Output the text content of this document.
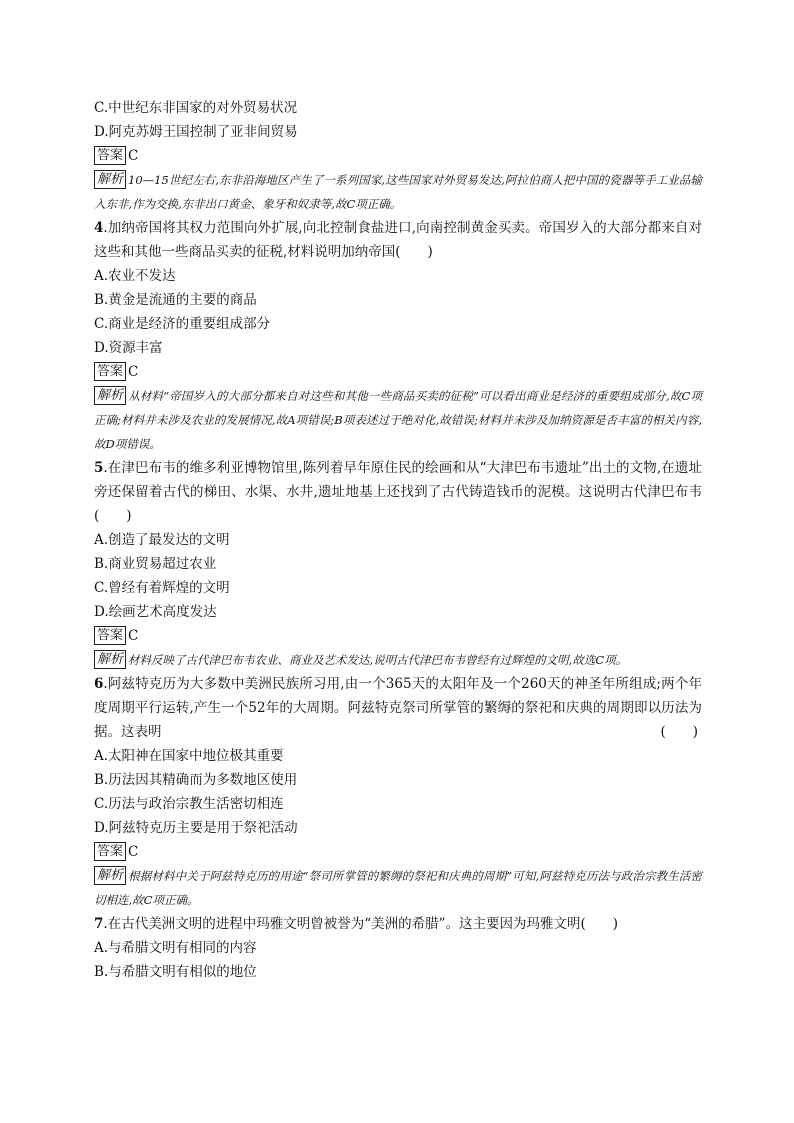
C.中世纪东非国家的对外贸易状况
D.阿克苏姆王国控制了亚非间贸易
答案 C
解析 10—15世纪左右,东非沿海地区产生了一系列国家,这些国家对外贸易发达,阿拉伯商人把中国的瓷器等手工业品输入东非,作为交换,东非出口黄金、象牙和奴隶等,故C项正确。
4.加纳帝国将其权力范围向外扩展,向北控制食盐进口,向南控制黄金买卖。帝国岁入的大部分都来自对这些和其他一些商品买卖的征税,材料说明加纳帝国(　　)
A.农业不发达
B.黄金是流通的主要的商品
C.商业是经济的重要组成部分
D.资源丰富
答案 C
解析 从材料“帝国岁入的大部分都来自对这些和其他一些商品买卖的征税”可以看出商业是经济的重要组成部分,故C项正确;材料并未涉及农业的发展情况,故A项错误;B项表述过于绝对化,故错误;材料并未涉及加纳资源是否丰富的相关内容,故D项错误。
5.在津巴布韦的维多利亚博物馆里,陈列着早年原住民的绘画和从“大津巴布韦遗址”出土的文物,在遗址旁还保留着古代的梯田、水渠、水井,遗址地基上还找到了古代铸造钱币的泥模。这说明古代津巴布韦(　　)
A.创造了最发达的文明
B.商业贸易超过农业
C.曾经有着辉煌的文明
D.绘画艺术高度发达
答案 C
解析 材料反映了古代津巴布韦农业、商业及艺术发达,说明古代津巴布韦曾经有过辉煌的文明,故选C项。
6.阿兹特克历为大多数中美洲民族所习用,由一个365天的太阳年及一个260天的神圣年所组成;两个年度周期平行运转,产生一个52年的大周期。阿兹特克祭司所掌管的繁缛的祭祀和庆典的周期即以历法为据。这表明	(　　)
A.太阳神在国家中地位极其重要
B.历法因其精确而为多数地区使用
C.历法与政治宗教生活密切相连
D.阿兹特克历主要是用于祭祀活动
答案 C
解析 根据材料中关于阿兹特克历的用途“祭司所掌管的繁缛的祭祀和庆典的周期”可知,阿兹特克历法与政治宗教生活密切相连,故C项正确。
7.在古代美洲文明的进程中玛雅文明曾被誉为“美洲的希腊”。这主要因为玛雅文明(　　)
A.与希腊文明有相同的内容
B.与希腊文明有相似的地位
